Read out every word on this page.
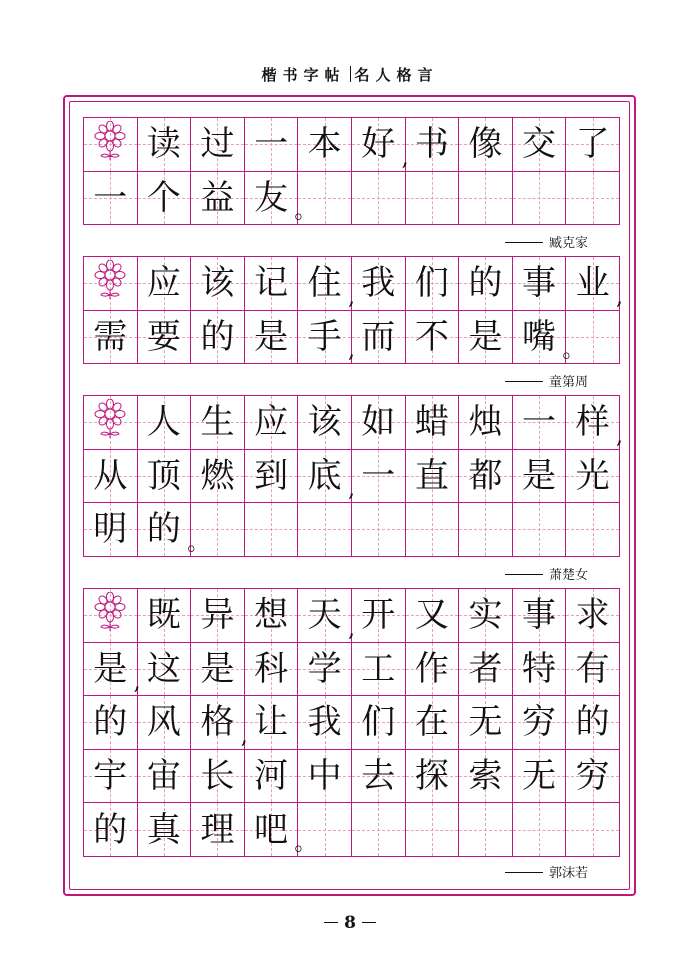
楷书字帖 名人格言
读 过 一 本 好 书 像 交 了
一 个 益 友
,
。
臧克家
应 该 记 住 我 们 的 事 业
需 要 的 是 手 而 不 是 嘴
,	,
,	。
童第周
人 生 应 该 如 蜡 烛 一 样
从 顶 燃 到 底 一 直 都 是 光
明 的
,
,
。
萧楚女
既 异 想 天 开 又 实 事 求
是 这 是 科 学 工 作 者 特 有
的 风 格 让 我 们 在 无 穷 的
宇 宙 长 河 中 去 探 索 无 穷
的 真 理 吧
,
,
,
。
郭沫若
8
